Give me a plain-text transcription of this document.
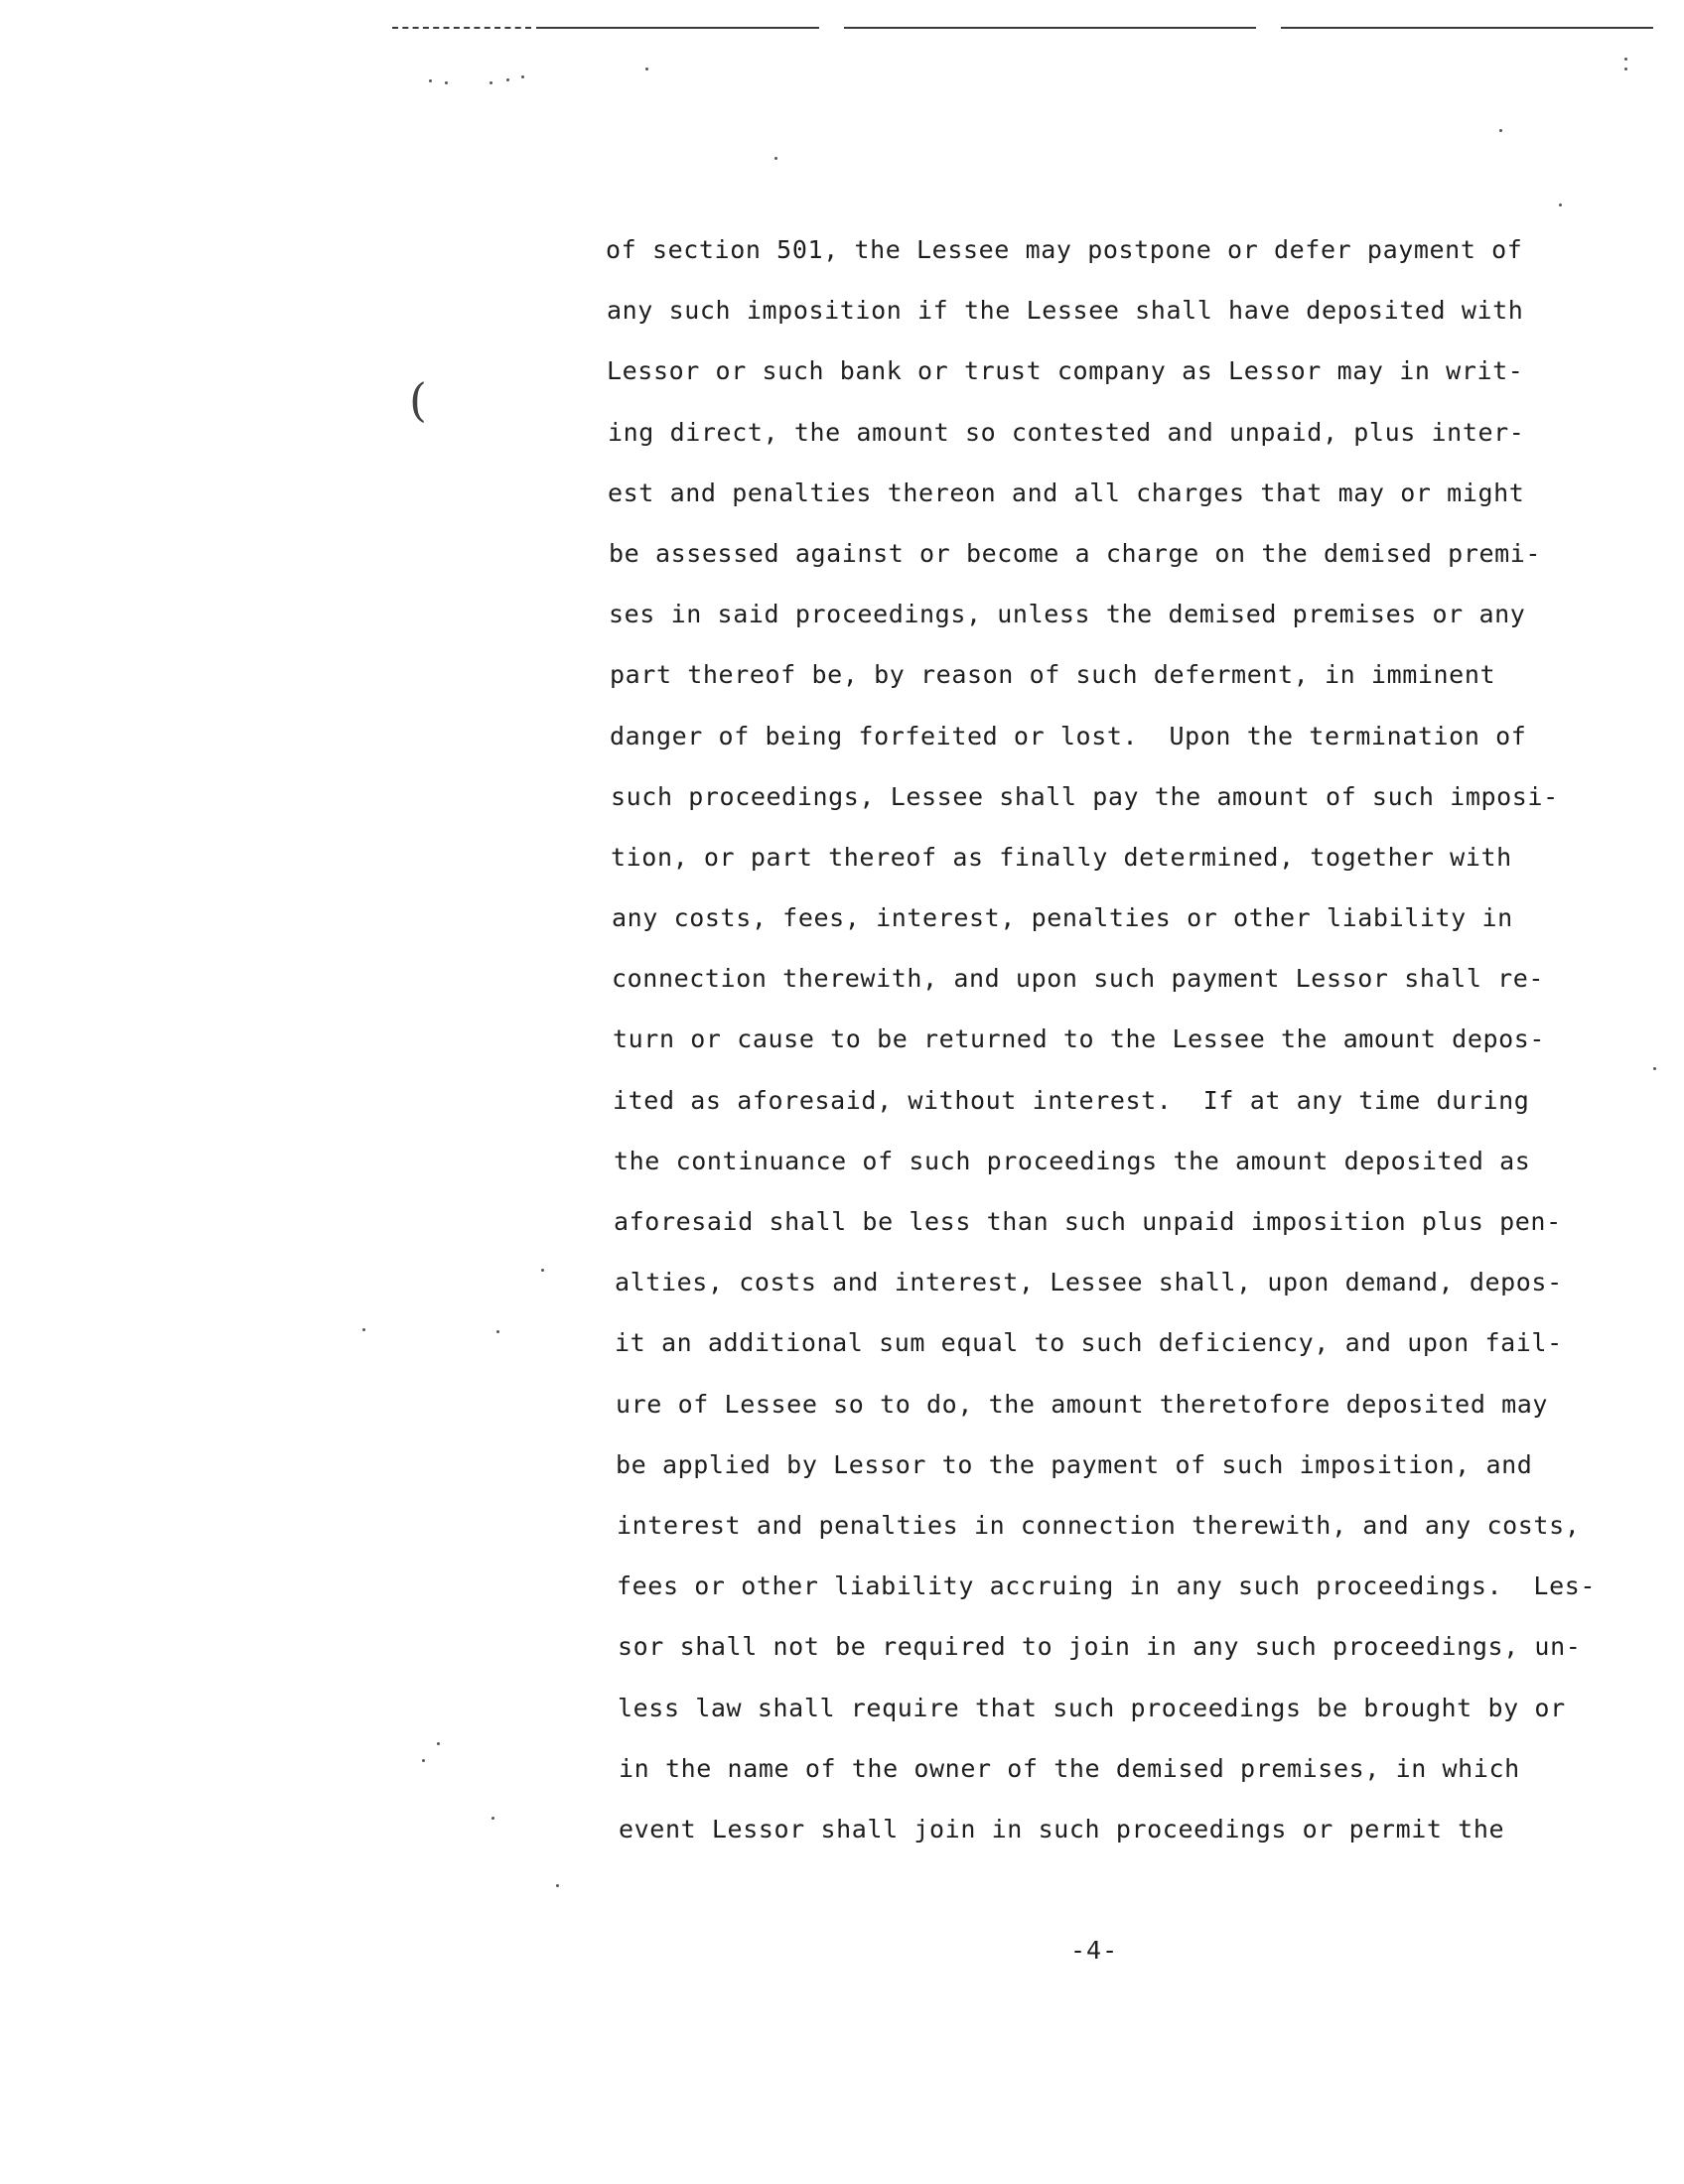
(
of section 501, the Lessee may postpone or defer payment of
any such imposition if the Lessee shall have deposited with
Lessor or such bank or trust company as Lessor may in writ-
ing direct, the amount so contested and unpaid, plus inter-
est and penalties thereon and all charges that may or might
be assessed against or become a charge on the demised premi-
ses in said proceedings, unless the demised premises or any
part thereof be, by reason of such deferment, in imminent
danger of being forfeited or lost.  Upon the termination of
such proceedings, Lessee shall pay the amount of such imposi-
tion, or part thereof as finally determined, together with
any costs, fees, interest, penalties or other liability in
connection therewith, and upon such payment Lessor shall re-
turn or cause to be returned to the Lessee the amount depos-
ited as aforesaid, without interest.  If at any time during
the continuance of such proceedings the amount deposited as
aforesaid shall be less than such unpaid imposition plus pen-
alties, costs and interest, Lessee shall, upon demand, depos-
it an additional sum equal to such deficiency, and upon fail-
ure of Lessee so to do, the amount theretofore deposited may
be applied by Lessor to the payment of such imposition, and
interest and penalties in connection therewith, and any costs,
fees or other liability accruing in any such proceedings.  Les-
sor shall not be required to join in any such proceedings, un-
less law shall require that such proceedings be brought by or
in the name of the owner of the demised premises, in which
event Lessor shall join in such proceedings or permit the
-4-
